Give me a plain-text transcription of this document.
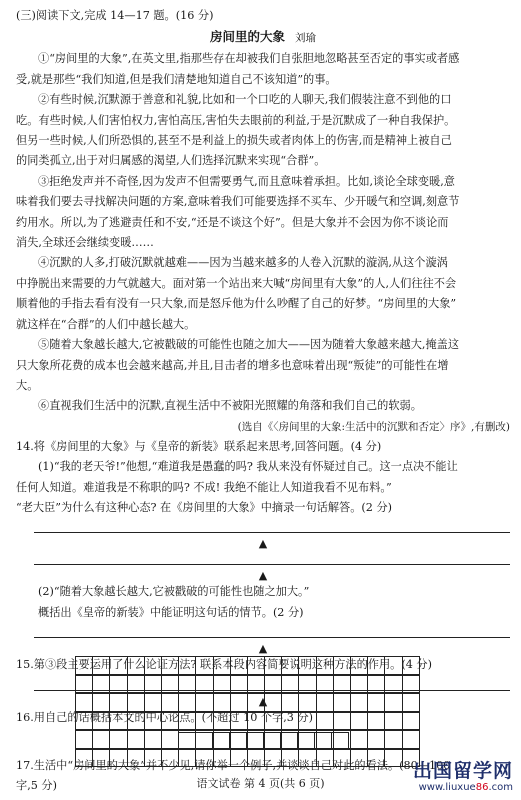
(三)阅读下文,完成 14—17 题。(16 分)
房间里的大象 刘瑜
①“房间里的大象”,在英文里,指那些存在却被我们自张胆地忽略甚至否定的事实或者感
受,就是那些“我们知道,但是我们清楚地知道自己不该知道”的事。
②有些时候,沉默源于善意和礼貌,比如和一个口吃的人聊天,我们假装注意不到他的口
吃。有些时候,人们害怕权力,害怕高压,害怕失去眼前的利益,于是沉默成了一种自我保护。
但另一些时候,人们所恐惧的,甚至不是利益上的损失或者肉体上的伤害,而是精神上被自己
的同类孤立,出于对归属感的渴望,人们选择沉默来实现“合群”。
③拒绝发声并不奇怪,因为发声不但需要勇气,而且意味着承担。比如,谈论全球变暖,意
味着我们要去寻找解决问题的方案,意味着我们可能要选择不买车、少开暖气和空调,刻意节
约用水。所以,为了逃避责任和不安,“还是不谈这个好”。但是大象并不会因为你不谈论而
消失,全球还会继续变暖……
④沉默的人多,打破沉默就越难——因为当越来越多的人卷入沉默的漩涡,从这个漩涡
中挣脱出来需要的力气就越大。面对第一个站出来大喊“房间里有大象”的人,人们往往不会
顺着他的手指去看有没有一只大象,而是怒斥他为什么吵醒了自己的好梦。“房间里的大象”
就这样在“合群”的人们中越长越大。
⑤随着大象越长越大,它被戳破的可能性也随之加大——因为随着大象越来越大,掩盖这
只大象所花费的成本也会越来越高,并且,目击者的增多也意味着出现“叛徒”的可能性在增
大。
⑥直视我们生活中的沉默,直视生活中不被阳光照耀的角落和我们自己的软弱。
(选自《〈房间里的大象:生活中的沉默和否定〉序》,有删改)
14.将《房间里的大象》与《皇帝的新装》联系起来思考,回答问题。(4 分)
(1)“我的老天爷!”他想,“难道我是愚蠢的吗? 我从来没有怀疑过自己。这一点决不能让
任何人知道。难道我是不称职的吗? 不成! 我绝不能让人知道我看不见布料。”
“老大臣”为什么有这种心态? 在《房间里的大象》中摘录一句话解答。(2 分)
▲
▲
(2)“随着大象越长越大,它被戳破的可能性也随之加大。”
概括出《皇帝的新装》中能证明这句话的情节。(2 分)
▲
15.第③段主要运用了什么论证方法? 联系本段内容简要说明这种方法的作用。(4 分)
▲
16.用自己的话概括本文的中心论点。(不超过 10 个字,3 分)
17.生活中“房间里的大象”并不少见,请你举一个例子,并谈谈自己对此的看法。(80—100
字,5 分)	语文试卷 第 4 页(共 6 页)
出国留学网
www.liuxue86.com
